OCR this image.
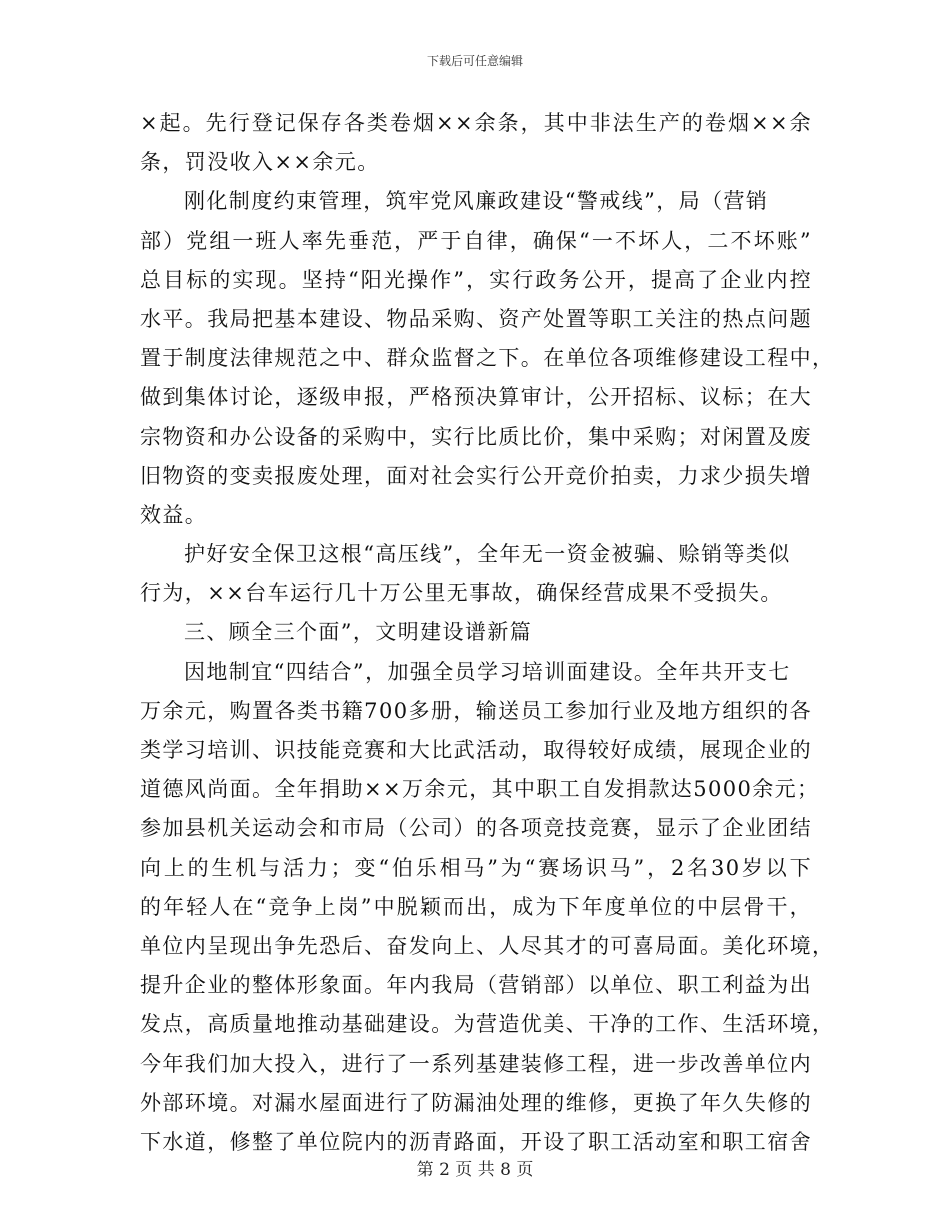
下载后可任意编辑
×起。先行登记保存各类卷烟××余条，其中非法生产的卷烟××余
条，罚没收入××余元。
刚化制度约束管理，筑牢党风廉政建设“警戒线”，局（营销
部）党组一班人率先垂范，严于自律，确保“一不坏人，二不坏账”
总目标的实现。坚持“阳光操作”，实行政务公开，提高了企业内控
水平。我局把基本建设、物品采购、资产处置等职工关注的热点问题
置于制度法律规范之中、群众监督之下。在单位各项维修建设工程中，
做到集体讨论，逐级申报，严格预决算审计，公开招标、议标；在大
宗物资和办公设备的采购中，实行比质比价，集中采购；对闲置及废
旧物资的变卖报废处理，面对社会实行公开竞价拍卖，力求少损失增
效益。
护好安全保卫这根“高压线”，全年无一资金被骗、赊销等类似
行为，××台车运行几十万公里无事故，确保经营成果不受损失。
三、顾全三个面”，文明建设谱新篇
因地制宜“四结合”，加强全员学习培训面建设。全年共开支七
万余元，购置各类书籍700多册，输送员工参加行业及地方组织的各
类学习培训、识技能竞赛和大比武活动，取得较好成绩，展现企业的
道德风尚面。全年捐助××万余元，其中职工自发捐款达5000余元；
参加县机关运动会和市局（公司）的各项竞技竞赛，显示了企业团结
向上的生机与活力；变“伯乐相马”为“赛场识马”，2名30岁以下
的年轻人在“竞争上岗”中脱颖而出，成为下年度单位的中层骨干，
单位内呈现出争先恐后、奋发向上、人尽其才的可喜局面。美化环境，
提升企业的整体形象面。年内我局（营销部）以单位、职工利益为出
发点，高质量地推动基础建设。为营造优美、干净的工作、生活环境，
今年我们加大投入，进行了一系列基建装修工程，进一步改善单位内
外部环境。对漏水屋面进行了防漏油处理的维修，更换了年久失修的
下水道，修整了单位院内的沥青路面，开设了职工活动室和职工宿舍
第 2 页 共 8 页
